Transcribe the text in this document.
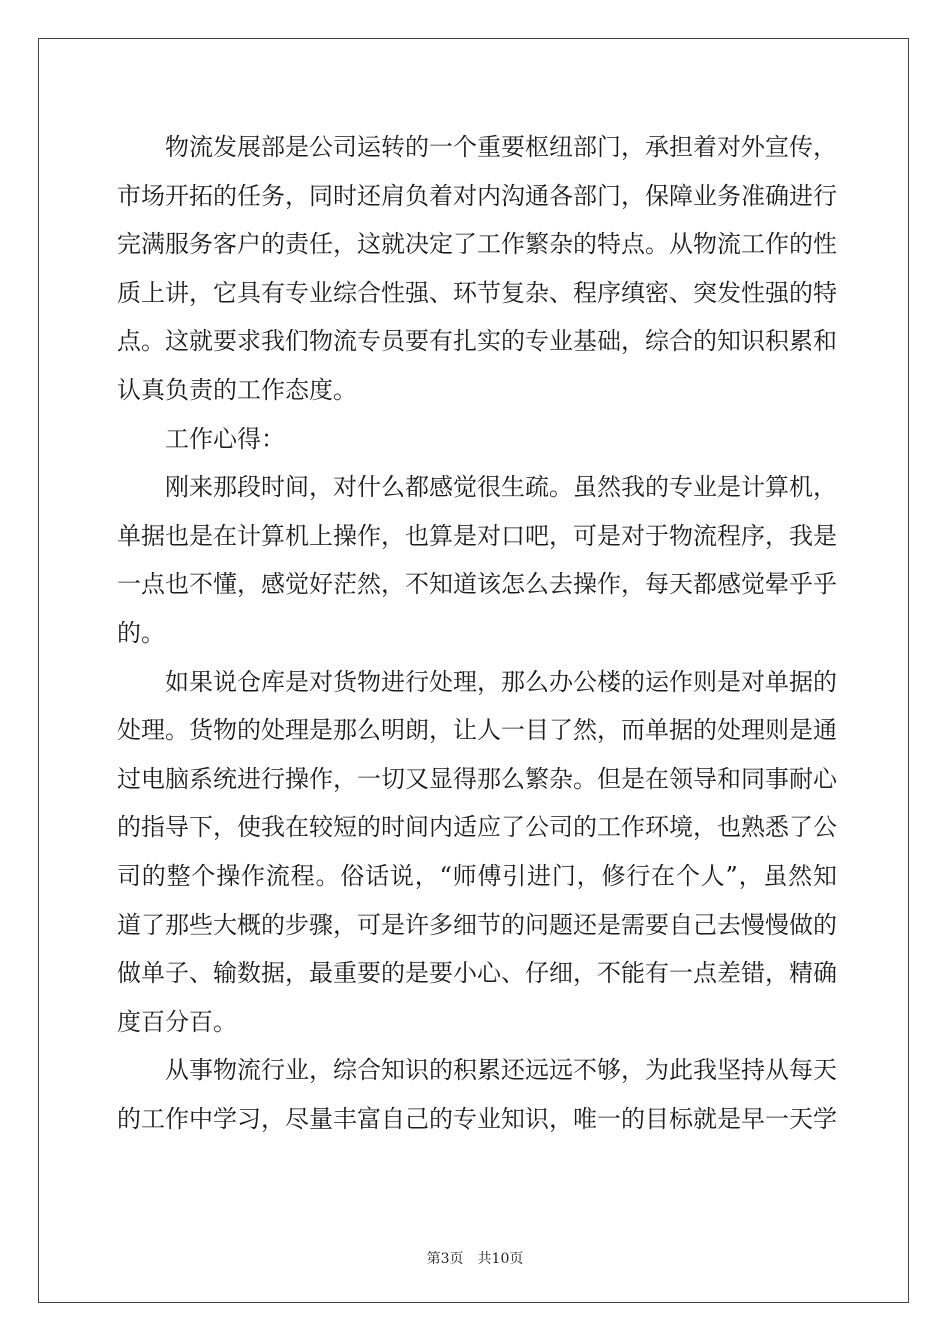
物流发展部是公司运转的一个重要枢纽部门，承担着对外宣传，市场开拓的任务，同时还肩负着对内沟通各部门，保障业务准确进行完满服务客户的责任，这就决定了工作繁杂的特点。从物流工作的性质上讲，它具有专业综合性强、环节复杂、程序缜密、突发性强的特点。这就要求我们物流专员要有扎实的专业基础，综合的知识积累和认真负责的工作态度。

工作心得：

刚来那段时间，对什么都感觉很生疏。虽然我的专业是计算机，单据也是在计算机上操作，也算是对口吧，可是对于物流程序，我是一点也不懂，感觉好茫然，不知道该怎么去操作，每天都感觉晕乎乎的。

如果说仓库是对货物进行处理，那么办公楼的运作则是对单据的处理。货物的处理是那么明朗，让人一目了然，而单据的处理则是通过电脑系统进行操作，一切又显得那么繁杂。但是在领导和同事耐心的指导下，使我在较短的时间内适应了公司的工作环境，也熟悉了公司的整个操作流程。俗话说，“师傅引进门，修行在个人”，虽然知道了那些大概的步骤，可是许多细节的问题还是需要自己去慢慢做的做单子、输数据，最重要的是要小心、仔细，不能有一点差错，精确度百分百。

从事物流行业，综合知识的积累还远远不够，为此我坚持从每天的工作中学习，尽量丰富自己的专业知识，唯一的目标就是早一天学

第3页　共10页
